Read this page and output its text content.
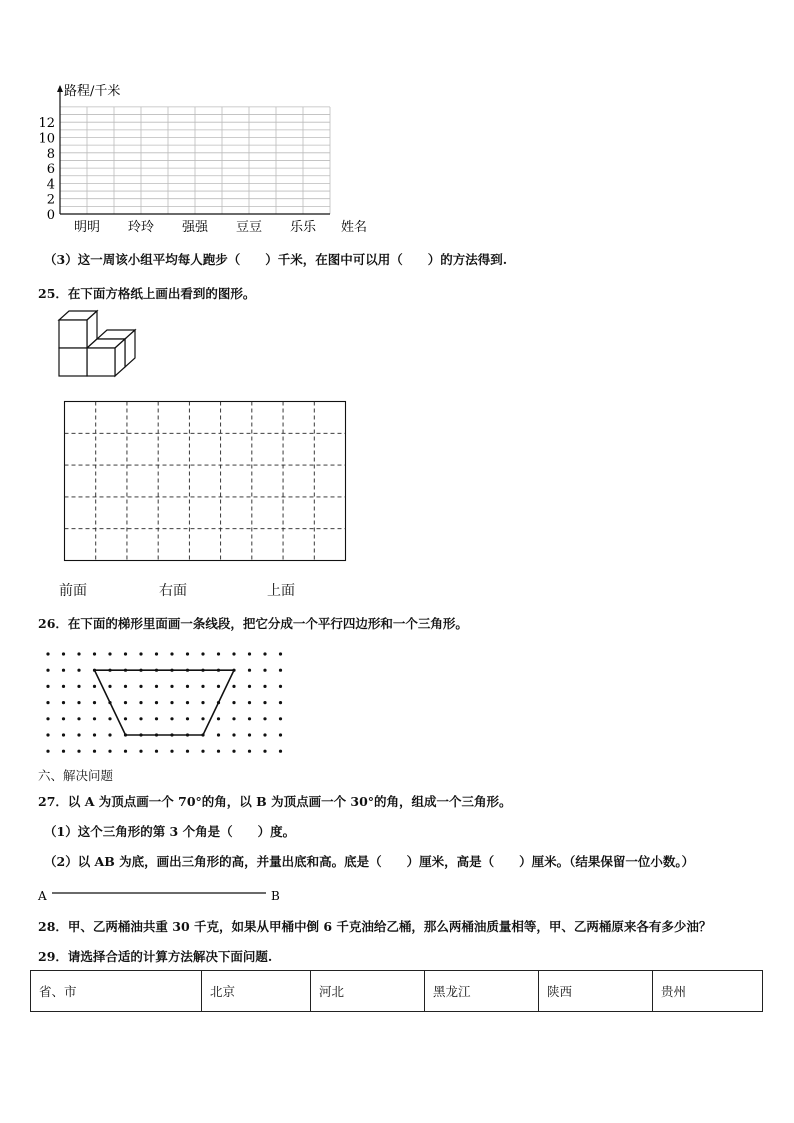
路程/千米
姓名
0
2
4
6
8
10
12
明明 玲玲 强强 豆豆 乐乐
（3）这一周该小组平均每人跑步（　　）千米，在图中可以用（　　）的方法得到.
25．在下面方格纸上画出看到的图形。
前面	右面	上面
26．在下面的梯形里面画一条线段，把它分成一个平行四边形和一个三角形。
六、解决问题
27．以 A 为顶点画一个 70°的角，以 B 为顶点画一个 30°的角，组成一个三角形。
（1）这个三角形的第 3 个角是（　　）度。
（2）以 AB 为底，画出三角形的高，并量出底和高。底是（　　）厘米，高是（　　）厘米。（结果保留一位小数。）
A	B
28．甲、乙两桶油共重 30 千克，如果从甲桶中倒 6 千克油给乙桶，那么两桶油质量相等，甲、乙两桶原来各有多少油？
29．请选择合适的计算方法解决下面问题.
省、市	北京	河北	黑龙江	陕西	贵州
